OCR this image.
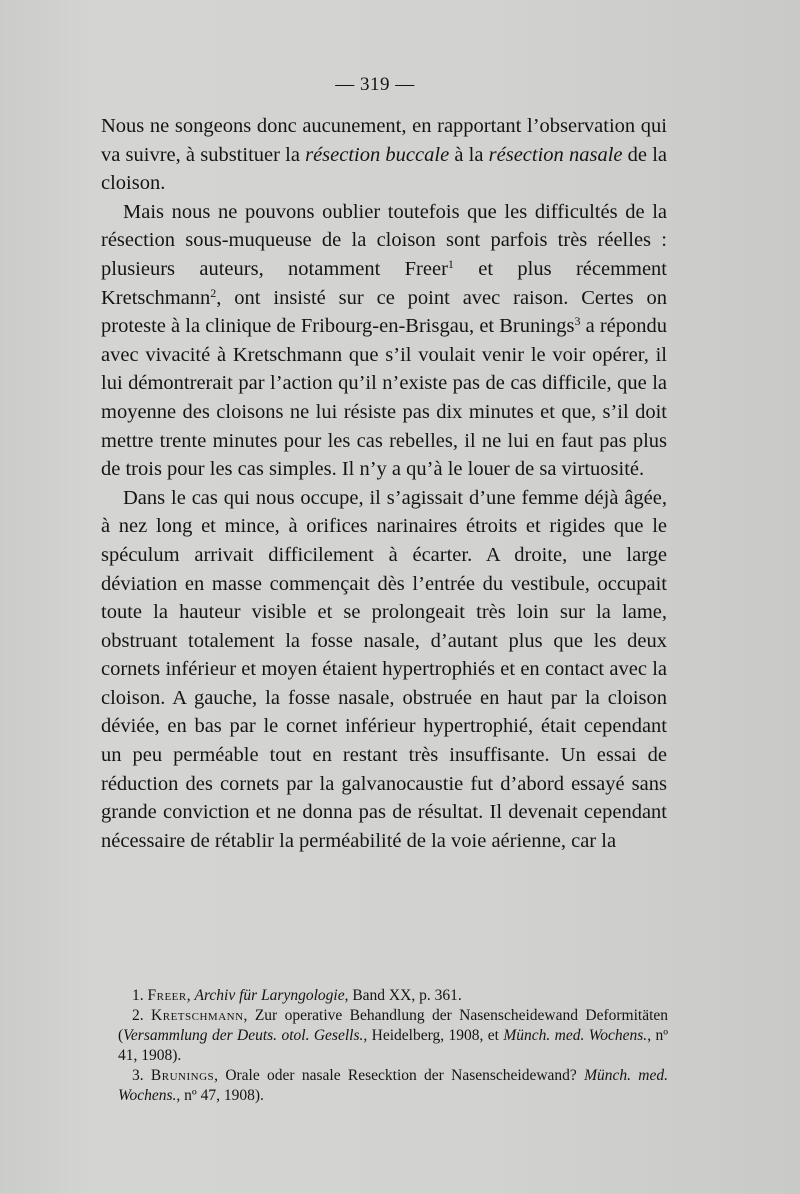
— 319 —

Nous ne songeons donc aucunement, en rapportant l’observation qui va suivre, à substituer la résection buccale à la résection nasale de la cloison.

Mais nous ne pouvons oublier toutefois que les difficultés de la résection sous-muqueuse de la cloison sont parfois très réelles : plusieurs auteurs, notamment Freer$^1$ et plus récemment Kretschmann$^2$, ont insisté sur ce point avec raison. Certes on proteste à la clinique de Fribourg-en-Brisgau, et Brunings$^3$ a répondu avec vivacité à Kretschmann que s’il voulait venir le voir opérer, il lui démontrerait par l’action qu’il n’existe pas de cas difficile, que la moyenne des cloisons ne lui résiste pas dix minutes et que, s’il doit mettre trente minutes pour les cas rebelles, il ne lui en faut pas plus de trois pour les cas simples. Il n’y a qu’à le louer de sa virtuosité.

Dans le cas qui nous occupe, il s’agissait d’une femme déjà âgée, à nez long et mince, à orifices narinaires étroits et rigides que le spéculum arrivait difficilement à écarter. A droite, une large déviation en masse commençait dès l’entrée du vestibule, occupait toute la hauteur visible et se prolongeait très loin sur la lame, obstruant totalement la fosse nasale, d’autant plus que les deux cornets inférieur et moyen étaient hypertrophiés et en contact avec la cloison. A gauche, la fosse nasale, obstruée en haut par la cloison déviée, en bas par le cornet inférieur hypertrophié, était cependant un peu perméable tout en restant très insuffisante. Un essai de réduction des cornets par la galvanocaustie fut d’abord essayé sans grande conviction et ne donna pas de résultat. Il devenait cependant nécessaire de rétablir la perméabilité de la voie aérienne, car la

1. Freer, Archiv für Laryngologie, Band XX, p. 361.

2. Kretschmann, Zur operative Behandlung der Nasenscheidewand Deformitäten (Versammlung der Deuts. otol. Gesells., Heidelberg, 1908, et Münch. med. Wochens., nº 41, 1908).

3. Brunings, Orale oder nasale Reseсktion der Nasenscheidewand? Münch. med. Wochens., nº 47, 1908).
